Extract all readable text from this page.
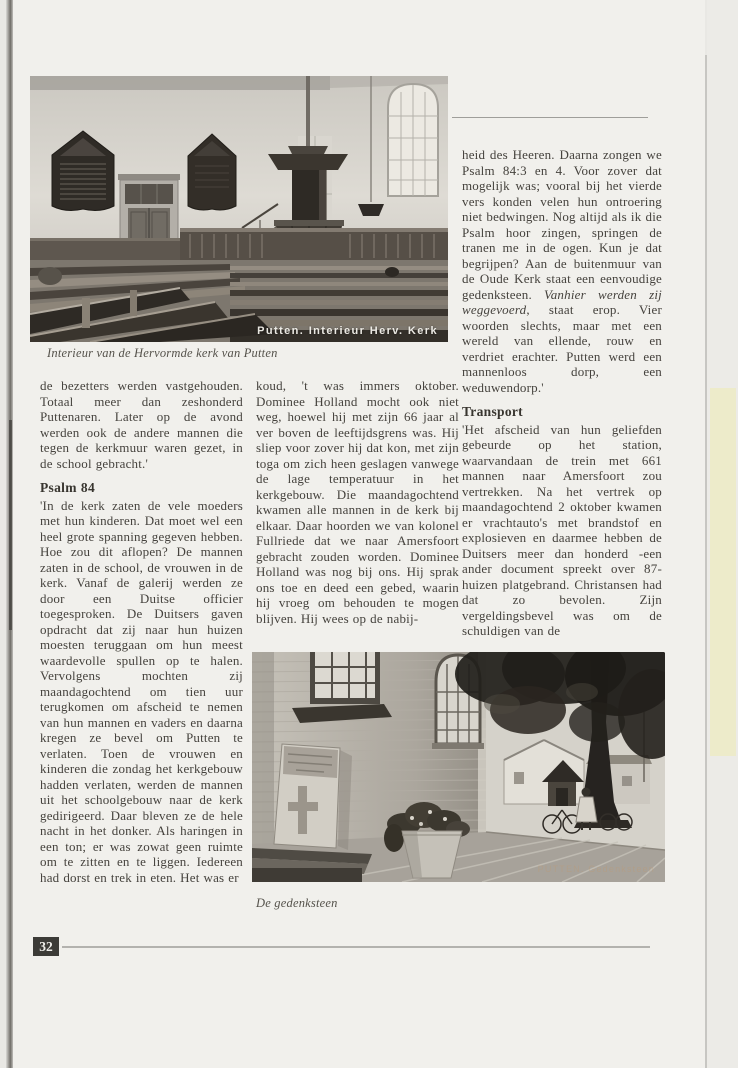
Putten. Interieur Herv. Kerk
Interieur van de Hervormde kerk van Putten

de bezetters werden vastgehouden. Totaal meer dan zeshonderd Puttenaren. Later op de avond werden ook de andere mannen die tegen de kerkmuur waren gezet, in de school gebracht.'

Psalm 84

'In de kerk zaten de vele moeders met hun kinderen. Dat moet wel een heel grote spanning gegeven hebben. Hoe zou dit aflopen? De mannen zaten in de school, de vrouwen in de kerk. Vanaf de galerij werden ze door een Duitse officier toegesproken. De Duitsers gaven opdracht dat zij naar hun huizen moesten teruggaan om hun meest waardevolle spullen op te halen. Vervolgens mochten zij maandagochtend om tien uur terugkomen om afscheid te nemen van hun mannen en vaders en daarna kregen ze bevel om Putten te verlaten. Toen de vrouwen en kinderen die zondag het kerkgebouw hadden verlaten, werden de mannen uit het schoolgebouw naar de kerk gedirigeerd. Daar bleven ze de hele nacht in het donker. Als haringen in een ton; er was zowat geen ruimte om te zitten en te liggen. Iedereen had dorst en trek in eten. Het was er

koud, 't was immers oktober. Dominee Holland mocht ook niet weg, hoewel hij met zijn 66 jaar al ver boven de leeftijdsgrens was. Hij sliep voor zover hij dat kon, met zijn toga om zich heen geslagen vanwege de lage temperatuur in het kerkgebouw. Die maandagochtend kwamen alle mannen in de kerk bij elkaar. Daar hoorden we van kolonel Fullriede dat we naar Amersfoort gebracht zouden worden. Dominee Holland was nog bij ons. Hij sprak ons toe en deed een gebed, waarin hij vroeg om behouden te mogen blijven. Hij wees op de nabij-

heid des Heeren. Daarna zongen we Psalm 84:3 en 4. Voor zover dat mogelijk was; vooral bij het vierde vers konden velen hun ontroering niet bedwingen. Nog altijd als ik die Psalm hoor zingen, springen de tranen me in de ogen. Kun je dat begrijpen? Aan de buitenmuur van de Oude Kerk staat een eenvoudige gedenksteen. Vanhier werden zij weggevoerd, staat erop. Vier woorden slechts, maar met een wereld van ellende, rouw en verdriet erachter. Putten werd een mannenloos dorp, een weduwendorp.'

Transport

'Het afscheid van hun geliefden gebeurde op het station, waarvandaan de trein met 661 mannen naar Amersfoort zou vertrekken. Na het vertrek op maandagochtend 2 oktober kwamen er vrachtauto's met brandstof en explosieven en daarmee hebben de Duitsers meer dan honderd -een ander document spreekt over 87- huizen platgebrand. Christansen had dat zo bevolen. Zijn vergeldingsbevel was om de schuldigen van de

PUTTEN. Gedenksteen
De gedenksteen
32
